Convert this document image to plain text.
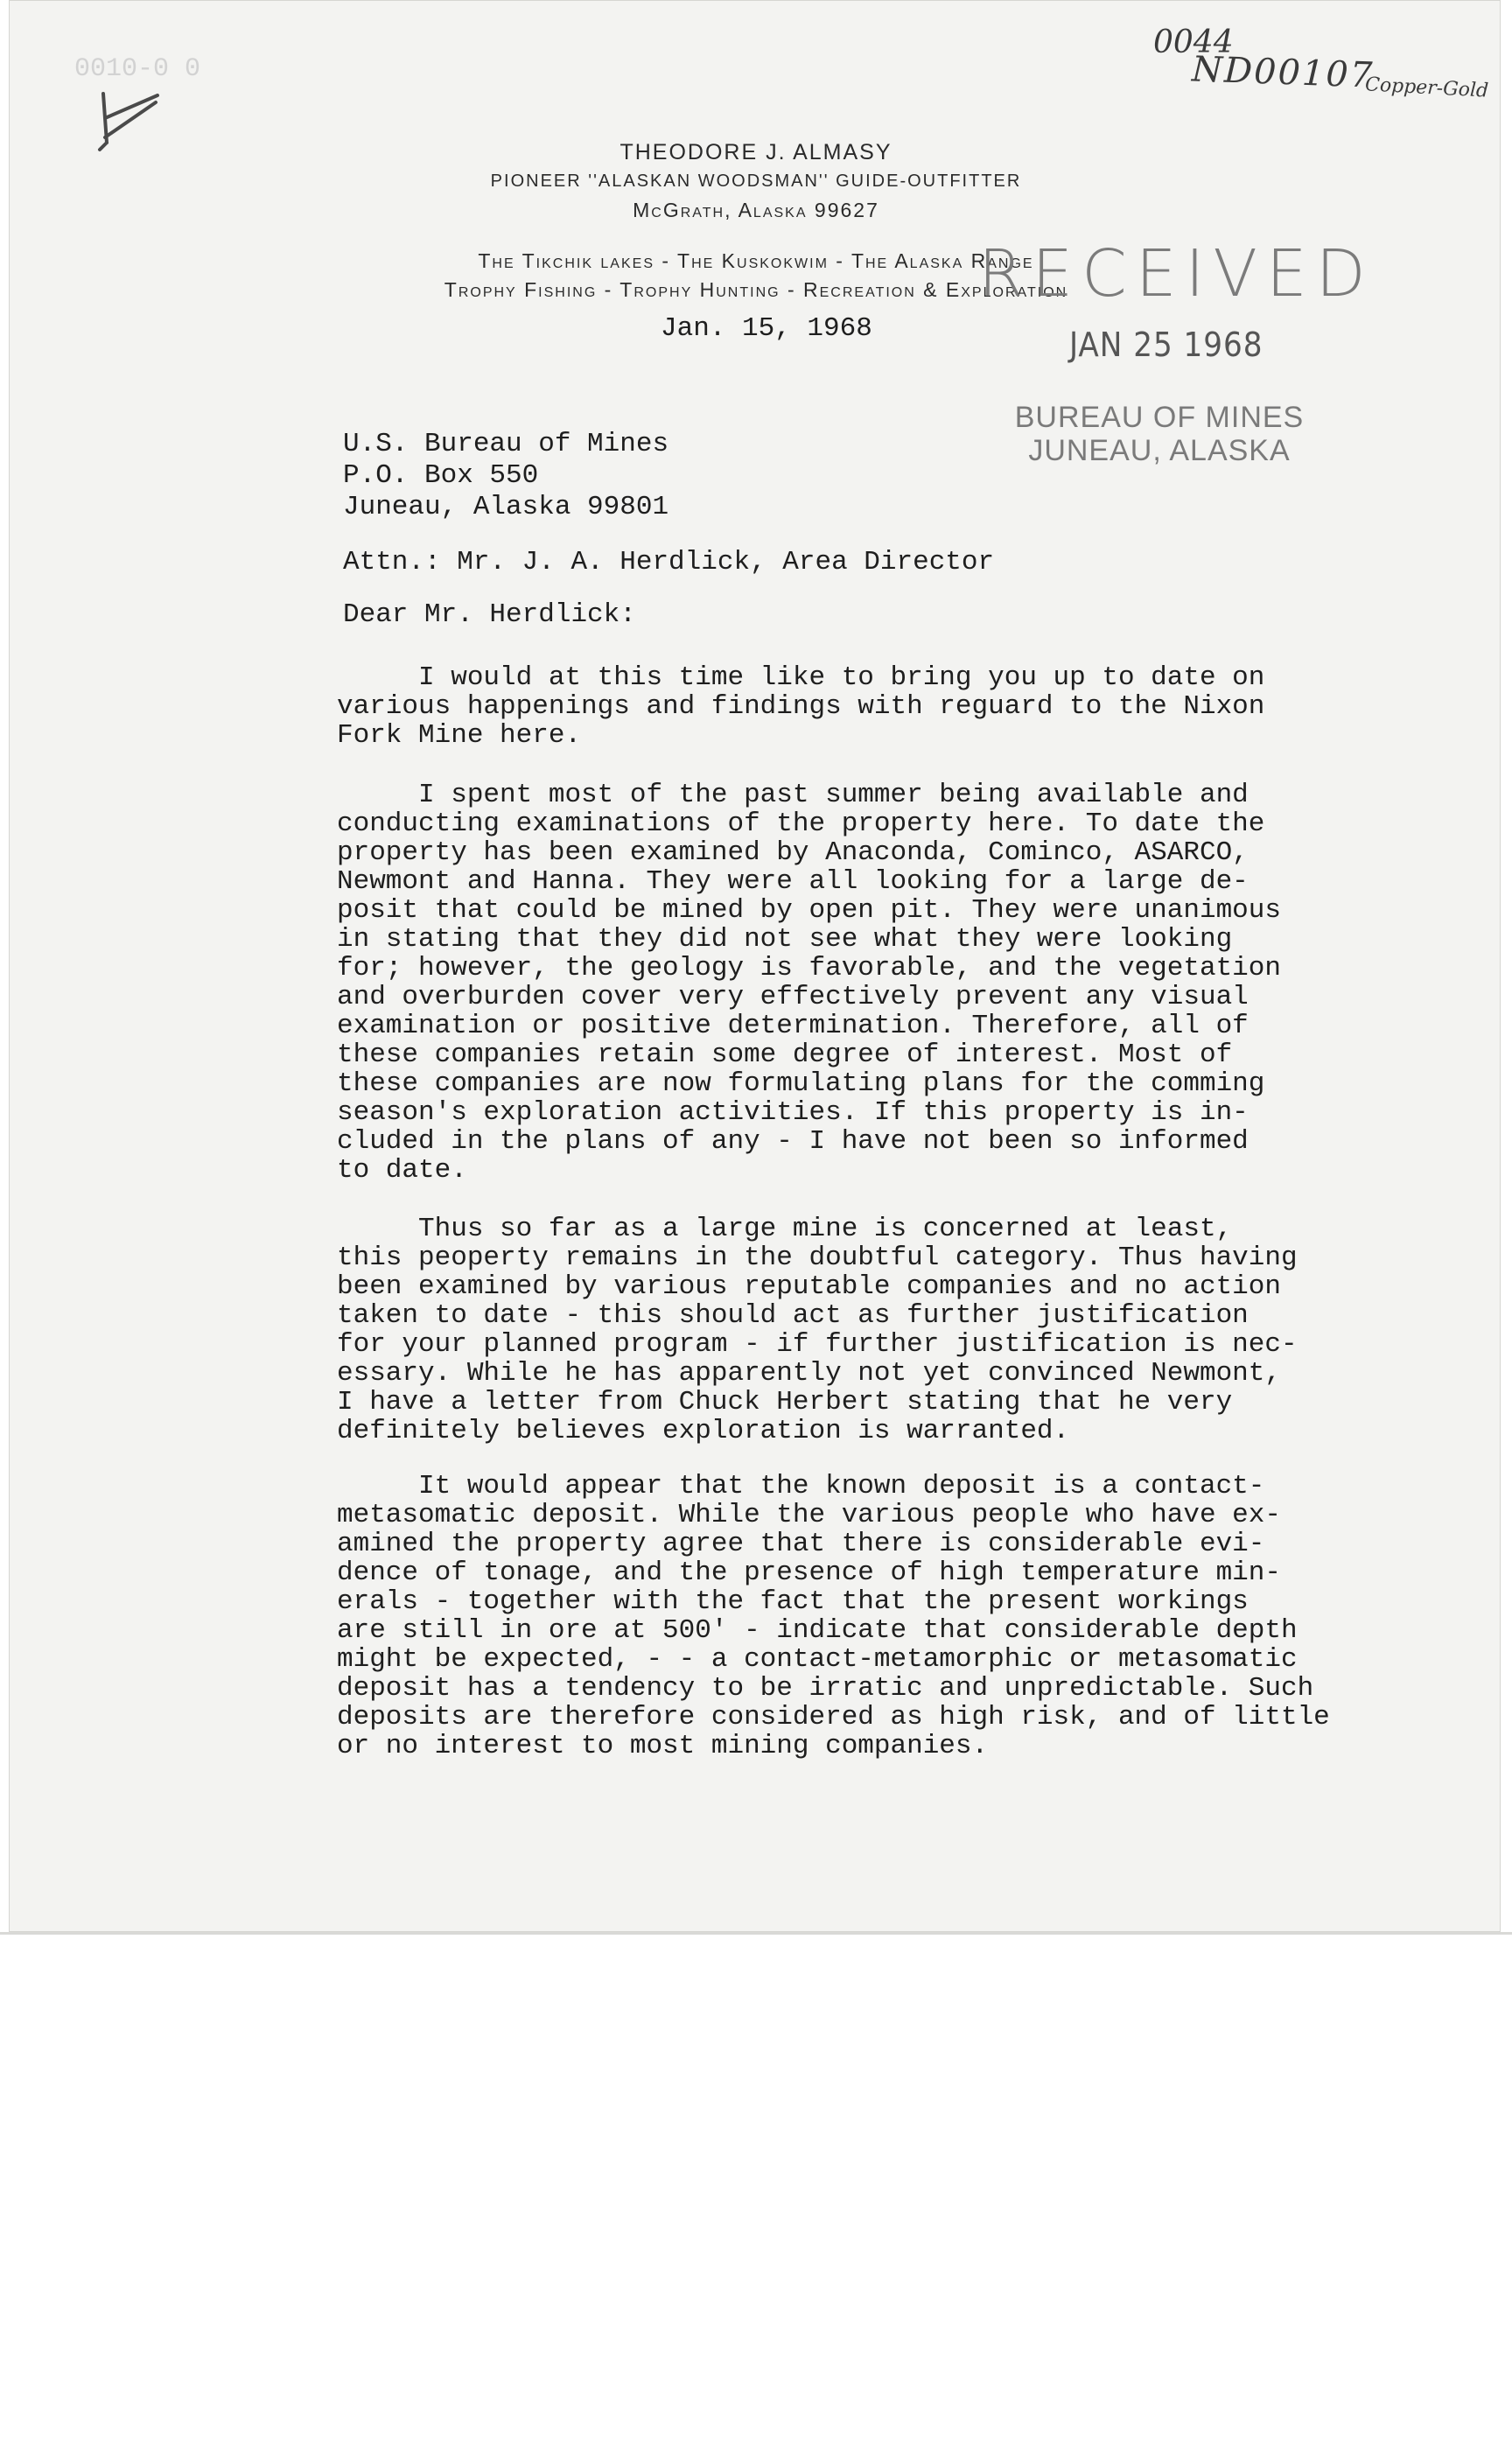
0010-0 0
0044
ND00107
Copper-Gold
THEODORE J. ALMASY
PIONEER ''ALASKAN WOODSMAN'' GUIDE-OUTFITTER
McGrath, Alaska 99627
The Tikchik lakes - The Kuskokwim - The Alaska Range
Trophy Fishing - Trophy Hunting - Recreation & Exploration
RECEIVED
JAN 25 1968
BUREAU OF MINES
JUNEAU, ALASKA
Jan. 15, 1968
U.S. Bureau of Mines
P.O. Box 550
Juneau, Alaska 99801
Attn.: Mr. J. A. Herdlick, Area Director
Dear Mr. Herdlick:
I would at this time like to bring you up to date on
various happenings and findings with reguard to the Nixon
Fork Mine here.
I spent most of the past summer being available and
conducting examinations of the property here. To date the
property has been examined by Anaconda, Cominco, ASARCO,
Newmont and Hanna. They were all looking for a large de-
posit that could be mined by open pit. They were unanimous
in stating that they did not see what they were looking
for; however, the geology is favorable, and the vegetation
and overburden cover very effectively prevent any visual
examination or positive determination. Therefore, all of
these companies retain some degree of interest. Most of
these companies are now formulating plans for the comming
season's exploration activities. If this property is in-
cluded in the plans of any - I have not been so informed
to date.
Thus so far as a large mine is concerned at least,
this peoperty remains in the doubtful category. Thus having
been examined by various reputable companies and no action
taken to date - this should act as further justification
for your planned program - if further justification is nec-
essary. While he has apparently not yet convinced Newmont,
I have a letter from Chuck Herbert stating that he very
definitely believes exploration is warranted.
It would appear that the known deposit is a contact-
metasomatic deposit. While the various people who have ex-
amined the property agree that there is considerable evi-
dence of tonage, and the presence of high temperature min-
erals - together with the fact that the present workings
are still in ore at 500' - indicate that considerable depth
might be expected, - - a contact-metamorphic or metasomatic
deposit has a tendency to be irratic and unpredictable. Such
deposits are therefore considered as high risk, and of little
or no interest to most mining companies.
